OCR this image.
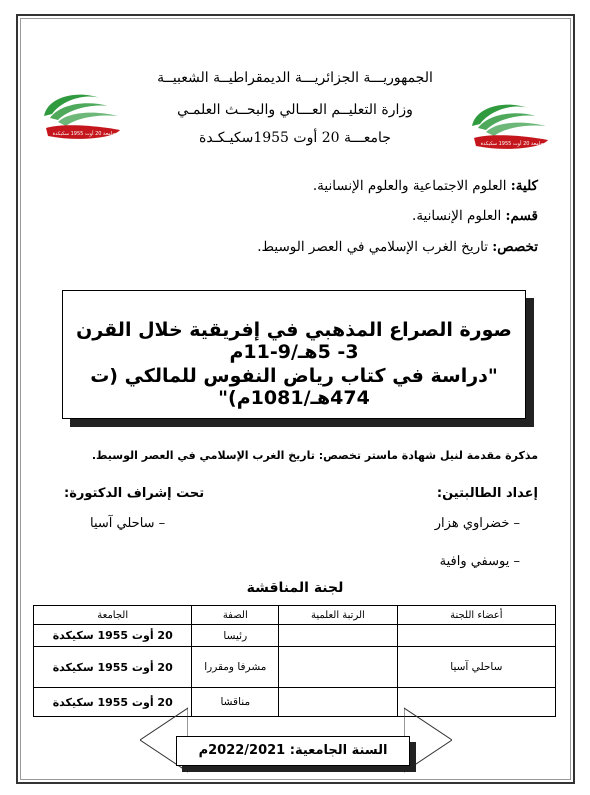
جامعة 20 أوت 1955 سكيكدة
جامعة 20 أوت 1955 سكيكدة
الجمهوريـــة الجزائريـــة الديمقراطيــة الشعبيــة
وزارة التعليــم العـــالي والبحــث العلمـي
جامعـــة 20 أوت 1955سكيـكـدة
كلية: العلوم الاجتماعية والعلوم الإنسانية.
قسم: العلوم الإنسانية.
تخصص: تاريخ الغرب الإسلامي في العصر الوسيط.
صورة الصراع المذهبي في إفريقية خلال القرن 3- 5هـ/9-11م
"دراسة في كتاب رياض النفوس للمالكي (ت 474هـ/1081م)"
مذكرة مقدمة لنيل شهادة ماستر تخصص: تاريخ الغرب الإسلامي في العصر الوسيط.
إعداد الطالبتين:
– خضراوي هزار
– يوسفي وافية
تحت إشراف الدكتورة:
– ساحلي آسيا
لجنة المناقشة
أعضاء اللجنة	الرتبة العلمية	الصفة	الجامعة
		رئيسا	20 أوت 1955 سكيكدة
ساحلي آسيا		مشرفا ومقررا	20 أوت 1955 سكيكدة
		مناقشا	20 أوت 1955 سكيكدة
السنة الجامعية: 2022/2021م
